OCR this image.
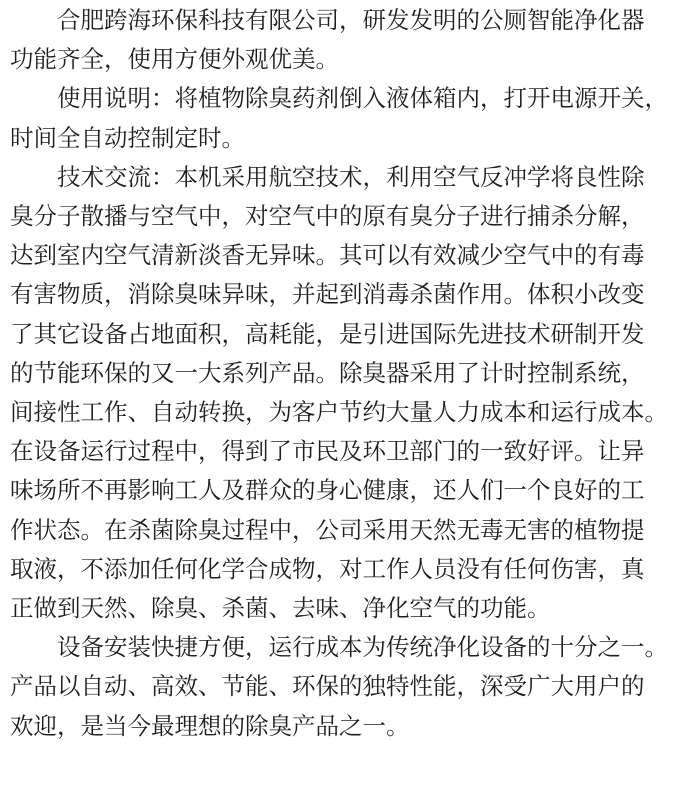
合肥跨海环保科技有限公司，研发发明的公厕智能净化器
功能齐全，使用方便外观优美。

使用说明：将植物除臭药剂倒入液体箱内，打开电源开关，
时间全自动控制定时。

技术交流：本机采用航空技术，利用空气反冲学将良性除
臭分子散播与空气中，对空气中的原有臭分子进行捕杀分解，
达到室内空气清新淡香无异味。其可以有效减少空气中的有毒
有害物质，消除臭味异味，并起到消毒杀菌作用。体积小改变
了其它设备占地面积，高耗能，是引进国际先进技术研制开发
的节能环保的又一大系列产品。除臭器采用了计时控制系统，
间接性工作、自动转换，为客户节约大量人力成本和运行成本。
在设备运行过程中，得到了市民及环卫部门的一致好评。让异
味场所不再影响工人及群众的身心健康，还人们一个良好的工
作状态。在杀菌除臭过程中，公司采用天然无毒无害的植物提
取液，不添加任何化学合成物，对工作人员没有任何伤害，真
正做到天然、除臭、杀菌、去味、净化空气的功能。

设备安装快捷方便，运行成本为传统净化设备的十分之一。
产品以自动、高效、节能、环保的独特性能，深受广大用户的
欢迎，是当今最理想的除臭产品之一。
